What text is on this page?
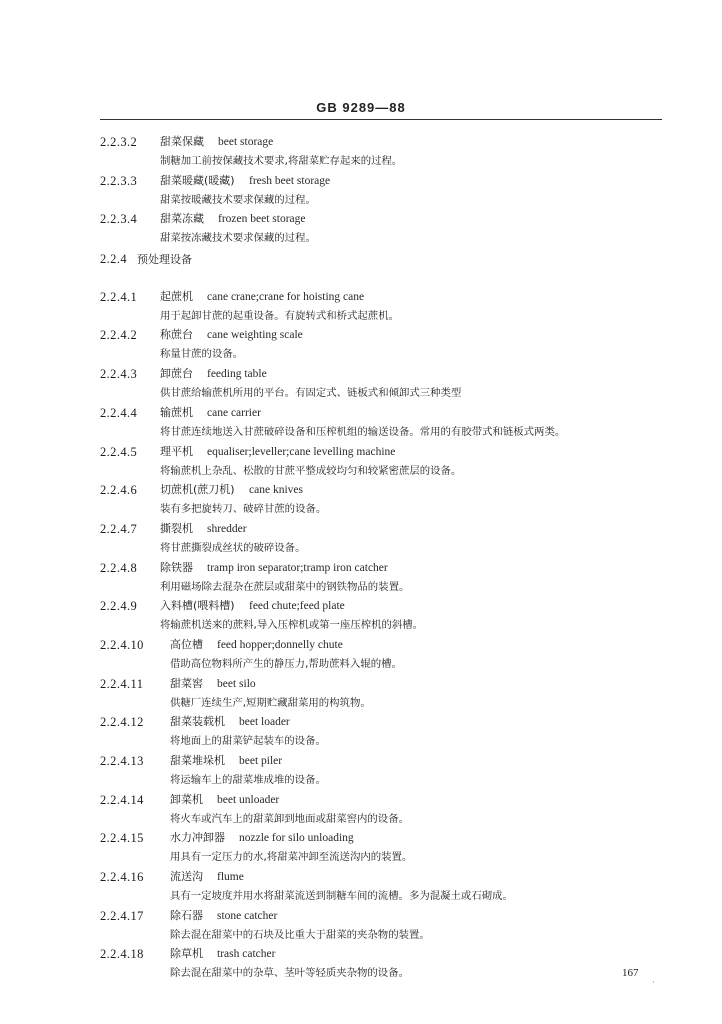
GB 9289—88
2.2.3.2 甜菜保藏 beet storage
制糖加工前按保藏技术要求,将甜菜贮存起来的过程。
2.2.3.3 甜菜暖藏(暖藏) fresh beet storage
甜菜按暖藏技术要求保藏的过程。
2.2.3.4 甜菜冻藏 frozen beet storage
甜菜按冻藏技术要求保藏的过程。
2.2.4 预处理设备
2.2.4.1 起蔗机 cane crane;crane for hoisting cane
用于起卸甘蔗的起重设备。有旋转式和桥式起蔗机。
2.2.4.2 称蔗台 cane weighting scale
称量甘蔗的设备。
2.2.4.3 卸蔗台 feeding table
供甘蔗给输蔗机所用的平台。有固定式、链板式和倾卸式三种类型
2.2.4.4 输蔗机 cane carrier
将甘蔗连续地送入甘蔗破碎设备和压榨机组的输送设备。常用的有胶带式和链板式两类。
2.2.4.5 理平机 equaliser;leveller;cane levelling machine
将输蔗机上杂乱、松散的甘蔗平整成较均匀和较紧密蔗层的设备。
2.2.4.6 切蔗机(蔗刀机) cane knives
装有多把旋转刀、破碎甘蔗的设备。
2.2.4.7 撕裂机 shredder
将甘蔗撕裂成丝状的破碎设备。
2.2.4.8 除铁器 tramp iron separator;tramp iron catcher
利用磁场除去混杂在蔗层或甜菜中的钢铁物品的装置。
2.2.4.9 入料槽(喂料槽) feed chute;feed plate
将输蔗机送来的蔗料,导入压榨机或第一座压榨机的斜槽。
2.2.4.10 高位槽 feed hopper;donnelly chute
借助高位物料所产生的静压力,帮助蔗料入辊的槽。
2.2.4.11 甜菜窖 beet silo
供糖厂连续生产,短期贮藏甜菜用的构筑物。
2.2.4.12 甜菜装载机 beet loader
将地面上的甜菜铲起装车的设备。
2.2.4.13 甜菜堆垛机 beet piler
将运输车上的甜菜堆成堆的设备。
2.2.4.14 卸菜机 beet unloader
将火车或汽车上的甜菜卸到地面或甜菜窖内的设备。
2.2.4.15 水力冲卸器 nozzle for silo unloading
用具有一定压力的水,将甜菜冲卸至流送沟内的装置。
2.2.4.16 流送沟 flume
具有一定坡度并用水将甜菜流送到制糖车间的流槽。多为混凝土或石砌成。
2.2.4.17 除石器 stone catcher
除去混在甜菜中的石块及比重大于甜菜的夹杂物的装置。
2.2.4.18 除草机 trash catcher
除去混在甜菜中的杂草、茎叶等轻质夹杂物的设备。	167
·
